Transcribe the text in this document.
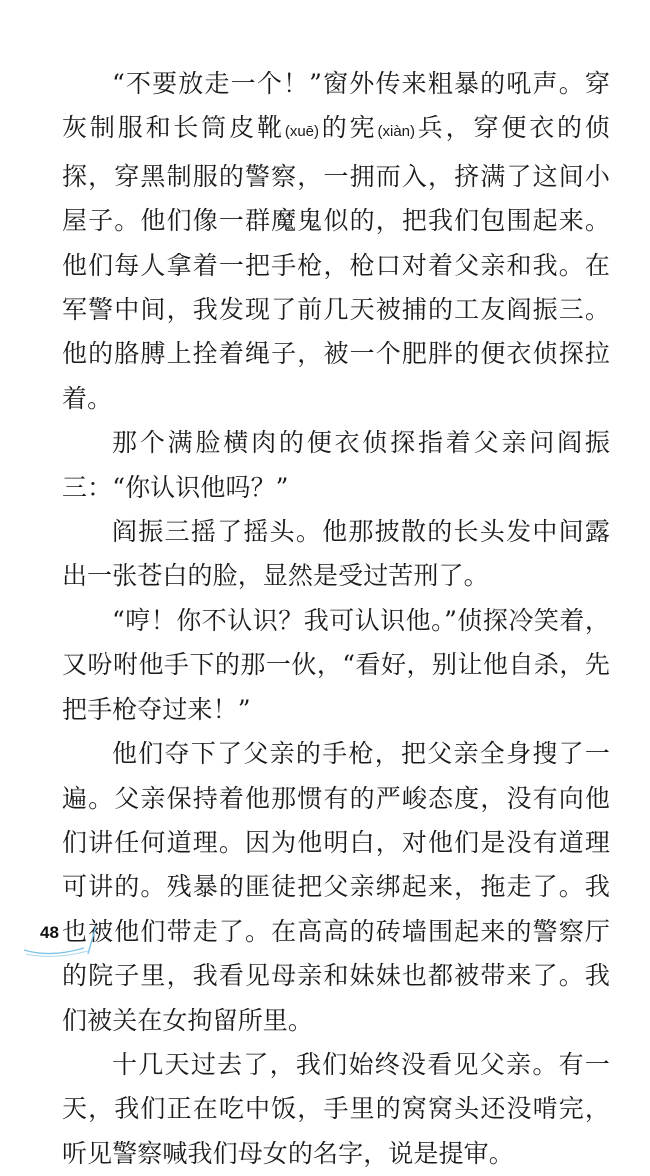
“不要放走一个！”窗外传来粗暴的吼声。穿灰制服和长筒皮靴(xuē)的宪(xiàn)兵，穿便衣的侦探，穿黑制服的警察，一拥而入，挤满了这间小屋子。他们像一群魔鬼似的，把我们包围起来。他们每人拿着一把手枪，枪口对着父亲和我。在军警中间，我发现了前几天被捕的工友阎振三。他的胳膊上拴着绳子，被一个肥胖的便衣侦探拉着。

那个满脸横肉的便衣侦探指着父亲问阎振三：“你认识他吗？”

阎振三摇了摇头。他那披散的长头发中间露出一张苍白的脸，显然是受过苦刑了。

“哼！你不认识？我可认识他。”侦探冷笑着，又吩咐他手下的那一伙，“看好，别让他自杀，先把手枪夺过来！”

他们夺下了父亲的手枪，把父亲全身搜了一遍。父亲保持着他那惯有的严峻态度，没有向他们讲任何道理。因为他明白，对他们是没有道理可讲的。残暴的匪徒把父亲绑起来，拖走了。我也被他们带走了。在高高的砖墙围起来的警察厅的院子里，我看见母亲和妹妹也都被带来了。我们被关在女拘留所里。

十几天过去了，我们始终没看见父亲。有一天，我们正在吃中饭，手里的窝窝头还没啃完，听见警察喊我们母女的名字，说是提审。

48
